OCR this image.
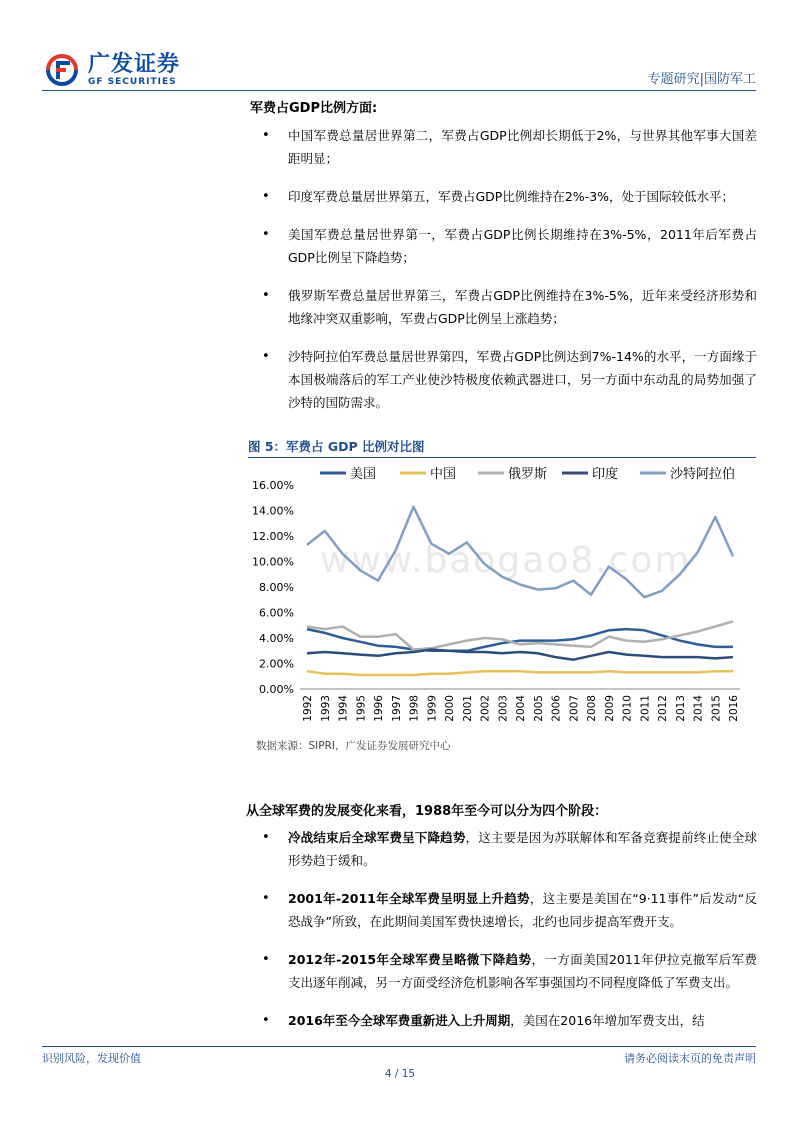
广发证券
GF SECURITIES	专题研究|国防军工
www.baogao8.com
军费占GDP比例方面:
• 中国军费总量居世界第二，军费占GDP比例却长期低于2%，与世界其他军事大国差距明显；
• 印度军费总量居世界第五，军费占GDP比例维持在2%-3%，处于国际较低水平；
• 美国军费总量居世界第一，军费占GDP比例长期维持在3%-5%，2011年后军费占GDP比例呈下降趋势；
• 俄罗斯军费总量居世界第三，军费占GDP比例维持在3%-5%，近年来受经济形势和地缘冲突双重影响，军费占GDP比例呈上涨趋势；
• 沙特阿拉伯军费总量居世界第四，军费占GDP比例达到7%-14%的水平，一方面缘于本国极端落后的军工产业使沙特极度依赖武器进口，另一方面中东动乱的局势加强了沙特的国防需求。
图 5：军费占 GDP 比例对比图
0.00%
2.00%
4.00%
6.00%
8.00%
10.00%
12.00%
14.00%
16.00%
1992 1993 1994 1995 1996 1997 1998 1999 2000 2001 2002 2003 2004 2005 2006 2007 2008 2009 2010 2011 2012 2013 2014 2015 2016
美国	中国	俄罗斯	印度	沙特阿拉伯
数据来源：SIPRI，广发证券发展研究中心
从全球军费的发展变化来看，1988年至今可以分为四个阶段：
• 冷战结束后全球军费呈下降趋势，这主要是因为苏联解体和军备竞赛提前终止使全球形势趋于缓和。
• 2001年-2011年全球军费呈明显上升趋势，这主要是美国在“9·11事件”后发动“反恐战争”所致，在此期间美国军费快速增长，北约也同步提高军费开支。
• 2012年-2015年全球军费呈略微下降趋势，一方面美国2011年伊拉克撤军后军费支出逐年削减，另一方面受经济危机影响各军事强国均不同程度降低了军费支出。
• 2016年至今全球军费重新进入上升周期，美国在2016年增加军费支出，结
识别风险，发现价值	请务必阅读末页的免责声明
4 / 15
